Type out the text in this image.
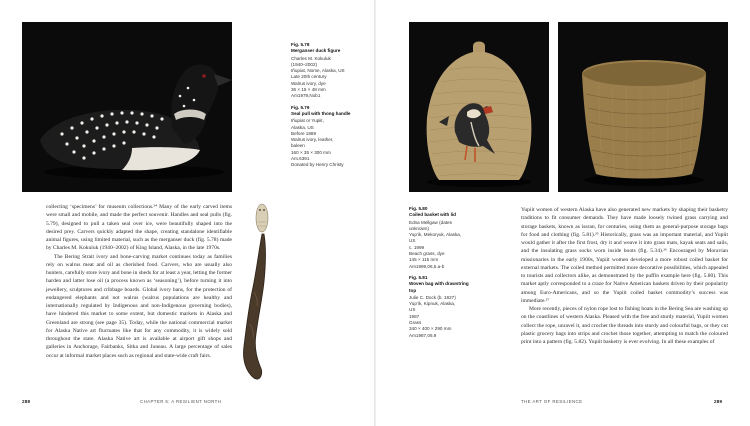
Fig. 5.78
Merganser duck figure
Charles M. Kokuluk
(1940–2002)
Iñupiat, Nome, Alaska, US
Late 20th century
Walrus ivory, dye
36 × 15 × 48 mm
Am1979,Nob1
Fig. 5.79
Seal pull with thong handle
Iñupiat or Yupiit,
Alaska, US
Before 1889
Walrus ivory, leather,
baleen
160 × 35 × 300 mm
Am.6391
Donated by Henry Christy

collecting ‘specimens’ for museum collections.²⁴ Many of the early carved items were small and mobile, and made the perfect souvenir. Handles and seal pulls (fig. 5.79), designed to pull a taken seal over ice, were beautifully shaped into the desired prey. Carvers quickly adapted the shape, creating standalone identifiable animal figures, using limited material, such as the merganser duck (fig. 5.78) made by Charles M. Kokuluk (1940–2002) of King Island, Alaska, in the late 1970s.

The Bering Strait ivory and bone-carving market continues today as families rely on walrus meat and oil as cherished food. Carvers, who are usually also hunters, carefully store ivory and bone in sheds for at least a year, letting the former harden and latter lose oil (a process known as ‘seasoning’), before turning it into jewellery, sculptures and cribbage boards. Global ivory bans, for the protection of endangered elephants and not walrus (walrus populations are healthy and internationally regulated by Indigenous and non-Indigenous governing bodies), have hindered this market to some extent, but domestic markets in Alaska and Greenland are strong (see page 35). Today, while the national commercial market for Alaska Native art fluctuates like that for any commodity, it is widely sold throughout the state. Alaska Native art is available at airport gift shops and galleries in Anchorage, Fairbanks, Sitka and Juneau. A large percentage of sales occur at informal market places such as regional and state-wide craft fairs.

288	CHAPTER 5: A RESILIENT NORTH
Fig. 5.80
Coiled basket with lid
Edna Mellgaw (dates
unknown)
Yup’ik, Mekoryuk, Alaska,
US
c. 1999
Beach grass, dye
145 × 115 mm
Am1999,06,5.a-b
Fig. 5.81
Woven bag with drawstring top
Julie C. Dock (b. 1927)
Yup’ik, Kipnuk, Alaska,
US
1987
Grass
340 × 400 × 290 mm
Am1987,06.9

Yupiit women of western Alaska have also generated new markets by shaping their basketry traditions to fit consumer demands. They have made loosely twined grass carrying and storage baskets, known as issran, for centuries, using them as general-purpose storage bags for food and clothing (fig. 5.81).²⁵ Historically, grass was an important material, and Yupiit would gather it after the first frost, dry it and weave it into grass mats, kayak seats and sails, and the insulating grass socks worn inside boots (fig. 5.34).²⁶ Encouraged by Moravian missionaries in the early 1900s, Yupiit women developed a more robust coiled basket for external markets. The coiled method permitted more decorative possibilities, which appealed to tourists and collectors alike, as demonstrated by the puffin example here (fig. 5.80). This market aptly corresponded to a craze for Native American baskets driven by their popularity among Euro-Americans, and so the Yupiit coiled basket commodity’s success was immediate.²⁷

More recently, pieces of nylon rope lost to fishing boats in the Bering Sea are washing up on the coastlines of western Alaska. Pleased with the free and sturdy material, Yupiit women collect the rope, unravel it, and crochet the threads into sturdy and colourful bags, or they cut plastic grocery bags into strips and crochet those together, attempting to match the coloured print into a pattern (fig. 5.82). Yupiit basketry is ever evolving. In all these examples of

THE ART OF RESILIENCE	289
